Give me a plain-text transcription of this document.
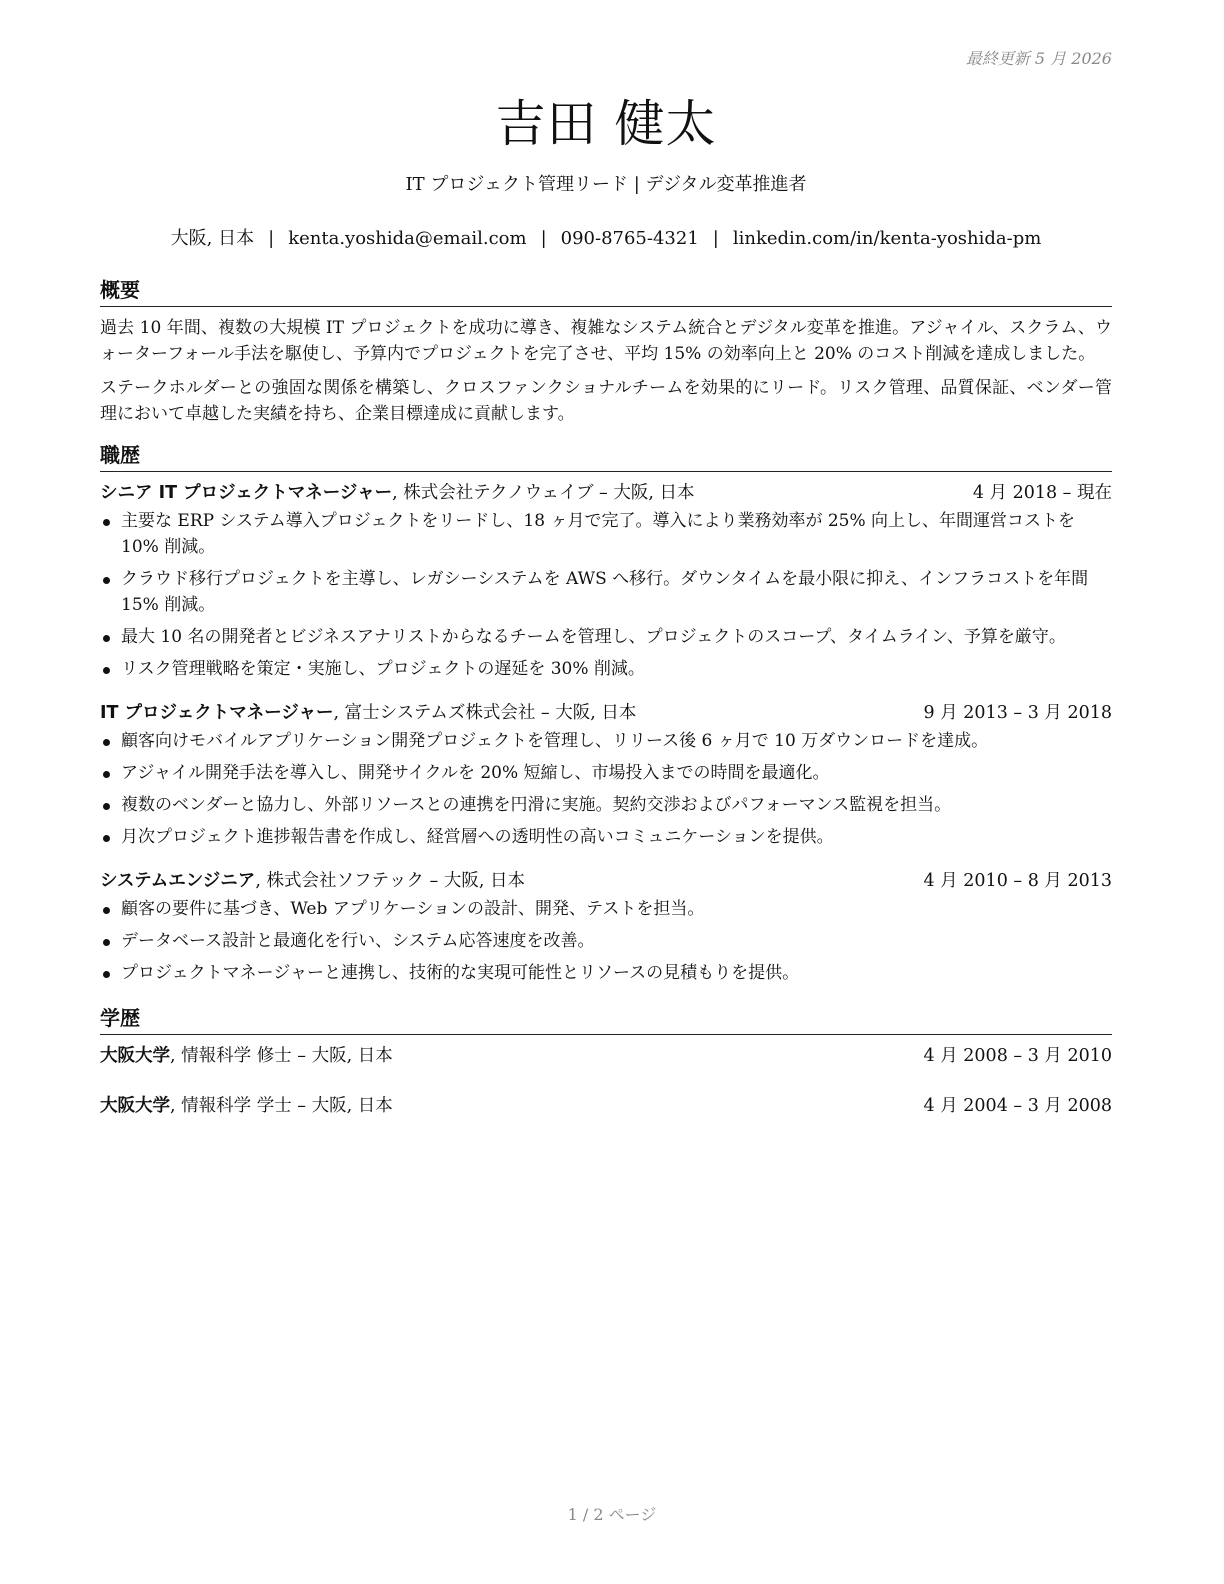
最終更新 5 月 2026
吉田 健太
IT プロジェクト管理リード | デジタル変革推進者
大阪, 日本 | kenta.yoshida@email.com | 090-8765-4321 | linkedin.com/in/kenta-yoshida-pm
概要

過去 10 年間、複数の大規模 IT プロジェクトを成功に導き、複雑なシステム統合とデジタル変革を推進。アジャイル、スクラム、ウォーターフォール手法を駆使し、予算内でプロジェクトを完了させ、平均 15% の効率向上と 20% のコスト削減を達成しました。

ステークホルダーとの強固な関係を構築し、クロスファンクショナルチームを効果的にリード。リスク管理、品質保証、ベンダー管理において卓越した実績を持ち、企業目標達成に貢献します。

職歴
シニア IT プロジェクトマネージャー, 株式会社テクノウェイブ – 大阪, 日本	4 月 2018 – 現在
主要な ERP システム導入プロジェクトをリードし、18 ヶ月で完了。導入により業務効率が 25% 向上し、年間運営コストを 10% 削減。
クラウド移行プロジェクトを主導し、レガシーシステムを AWS へ移行。ダウンタイムを最小限に抑え、インフラコストを年間 15% 削減。
最大 10 名の開発者とビジネスアナリストからなるチームを管理し、プロジェクトのスコープ、タイムライン、予算を厳守。
リスク管理戦略を策定・実施し、プロジェクトの遅延を 30% 削減。
IT プロジェクトマネージャー, 富士システムズ株式会社 – 大阪, 日本	9 月 2013 – 3 月 2018
顧客向けモバイルアプリケーション開発プロジェクトを管理し、リリース後 6 ヶ月で 10 万ダウンロードを達成。
アジャイル開発手法を導入し、開発サイクルを 20% 短縮し、市場投入までの時間を最適化。
複数のベンダーと協力し、外部リソースとの連携を円滑に実施。契約交渉およびパフォーマンス監視を担当。
月次プロジェクト進捗報告書を作成し、経営層への透明性の高いコミュニケーションを提供。
システムエンジニア, 株式会社ソフテック – 大阪, 日本	4 月 2010 – 8 月 2013
顧客の要件に基づき、Web アプリケーションの設計、開発、テストを担当。
データベース設計と最適化を行い、システム応答速度を改善。
プロジェクトマネージャーと連携し、技術的な実現可能性とリソースの見積もりを提供。
学歴
大阪大学, 情報科学 修士 – 大阪, 日本	4 月 2008 – 3 月 2010
大阪大学, 情報科学 学士 – 大阪, 日本	4 月 2004 – 3 月 2008
1 / 2 ページ
